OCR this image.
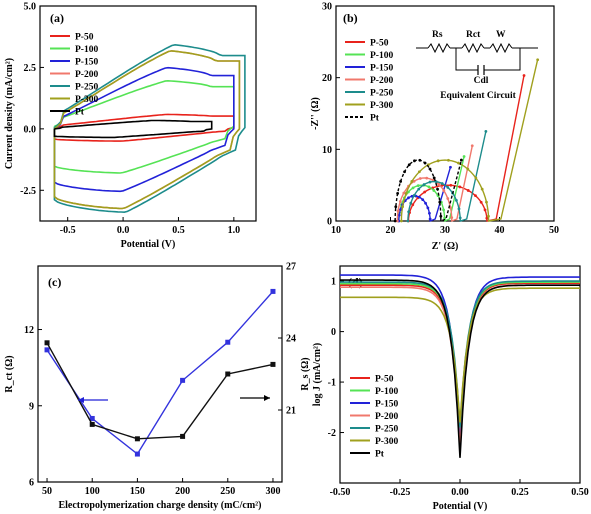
-0.5	0.0	0.5	1.0
-2.5
0.0
2.5
5.0
Potential (V)
Current density (mA/cm²)
(a)
P-50
P-100
P-150
P-200
P-250
P-300
Pt
10	20	30	40	50
0
10
20
30
Z' (Ω)
-Z'' (Ω)
(b)
P-50
P-100
P-150
P-200
P-250
P-300
Pt
Rs Rct W
Cdl
Equivalent Circuit
50	100	150	200	250	300
6
9
12
21
24
27
Electropolymerization charge density (mC/cm²)
R_ct (Ω)	R_s (Ω)
(c)
-0.50	-0.25	0.00	0.25	0.50
-2
-1
0
1
Potential (V)
log J (mA/cm²)
(d)
P-50
P-100
P-150
P-200
P-250
P-300
Pt
